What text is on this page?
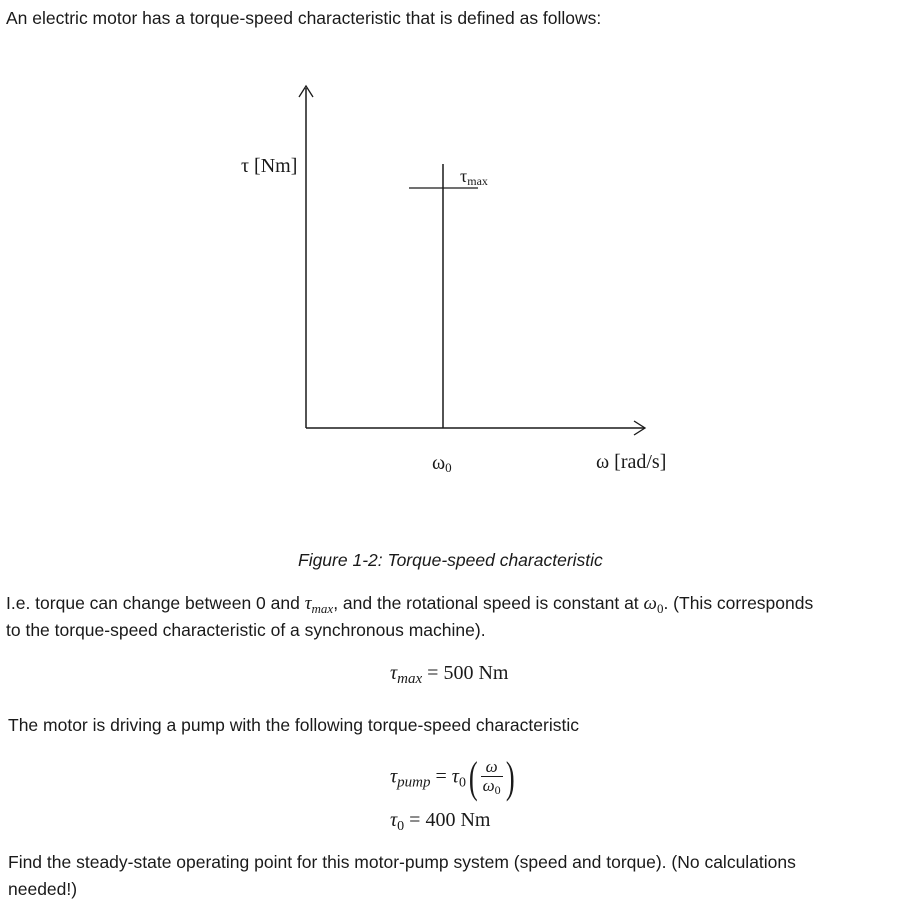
An electric motor has a torque-speed characteristic that is defined as follows:
τ [Nm]	τmax
ω0	ω [rad/s]
Figure 1-2: Torque-speed characteristic
I.e. torque can change between 0 and $\tau_{max}$, and the rotational speed is constant at $\omega_0$. (This corresponds
to the torque-speed characteristic of a synchronous machine).
$\tau_{max} = 500$ Nm
The motor is driving a pump with the following torque-speed characteristic
$\tau_{pump} = \tau_0( \frac{\omega}{\omega 0}$ )
$\tau_0 = 400$ Nm
Find the steady-state operating point for this motor-pump system (speed and torque). (No calculations
needed!)
